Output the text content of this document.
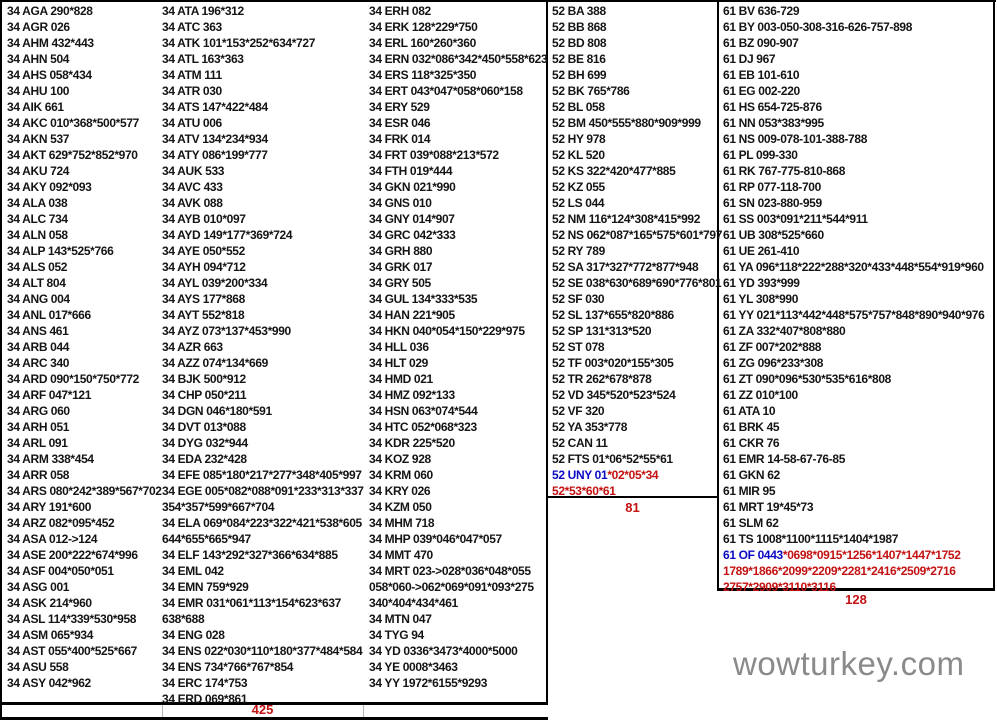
34 AGA 290*828
34 AGR 026
34 AHM 432*443
34 AHN 504
34 AHS 058*434
34 AHU 100
34 AIK 661
34 AKC 010*368*500*577
34 AKN 537
34 AKT 629*752*852*970
34 AKU 724
34 AKY 092*093
34 ALA 038
34 ALC 734
34 ALN 058
34 ALP 143*525*766
34 ALS 052
34 ALT 804
34 ANG 004
34 ANL 017*666
34 ANS 461
34 ARB 044
34 ARC 340
34 ARD 090*150*750*772
34 ARF 047*121
34 ARG 060
34 ARH 051
34 ARL 091
34 ARM 338*454
34 ARR 058
34 ARS 080*242*389*567*702
34 ARY 191*600
34 ARZ 082*095*452
34 ASA 012->124
34 ASE 200*222*674*996
34 ASF 004*050*051
34 ASG 001
34 ASK 214*960
34 ASL 114*339*530*958
34 ASM 065*934
34 AST 055*400*525*667
34 ASU 558
34 ASY 042*962
34 ATA 196*312
34 ATC 363
34 ATK 101*153*252*634*727
34 ATL 163*363
34 ATM 111
34 ATR 030
34 ATS 147*422*484
34 ATU 006
34 ATV 134*234*934
34 ATY 086*199*777
34 AUK 533
34 AVC 433
34 AVK 088
34 AYB 010*097
34 AYD 149*177*369*724
34 AYE 050*552
34 AYH 094*712
34 AYL 039*200*334
34 AYS 177*868
34 AYT 552*818
34 AYZ 073*137*453*990
34 AZR 663
34 AZZ 074*134*669
34 BJK 500*912
34 CHP 050*211
34 DGN 046*180*591
34 DVT 013*088
34 DYG 032*944
34 EDA 232*428
34 EFE 085*180*217*277*348*405*997
34 EGE 005*082*088*091*233*313*337
354*357*599*667*704
34 ELA 069*084*223*322*421*538*605
644*655*665*947
34 ELF 143*292*327*366*634*885
34 EML 042
34 EMN 759*929
34 EMR 031*061*113*154*623*637
638*688
34 ENG 028
34 ENS 022*030*110*180*377*484*584
34 ENS 734*766*767*854
34 ERC 174*753
34 ERD 069*861
34 ERH 082
34 ERK 128*229*750
34 ERL 160*260*360
34 ERN 032*086*342*450*558*623
34 ERS 118*325*350
34 ERT 043*047*058*060*158
34 ERY 529
34 ESR 046
34 FRK 014
34 FRT 039*088*213*572
34 FTH 019*444
34 GKN 021*990
34 GNS 010
34 GNY 014*907
34 GRC 042*333
34 GRH 880
34 GRK 017
34 GRY 505
34 GUL 134*333*535
34 HAN 221*905
34 HKN 040*054*150*229*975
34 HLL 036
34 HLT 029
34 HMD 021
34 HMZ 092*133
34 HSN 063*074*544
34 HTC 052*068*323
34 KDR 225*520
34 KOZ 928
34 KRM 060
34 KRY 026
34 KZM 050
34 MHM 718
34 MHP 039*046*047*057
34 MMT 470
34 MRT 023->028*036*048*055
058*060->062*069*091*093*275
340*404*434*461
34 MTN 047
34 TYG 94
34 YD 0336*3473*4000*5000
34 YE 0008*3463
34 YY 1972*6155*9293
52 BA 388
52 BB 868
52 BD 808
52 BE 816
52 BH 699
52 BK 765*786
52 BL 058
52 BM 450*555*880*909*999
52 HY 978
52 KL 520
52 KS 322*420*477*885
52 KZ 055
52 LS 044
52 NM 116*124*308*415*992
52 NS 062*087*165*575*601*797
52 RY 789
52 SA 317*327*772*877*948
52 SE 038*630*689*690*776*801
52 SF 030
52 SL 137*655*820*886
52 SP 131*313*520
52 ST 078
52 TF 003*020*155*305
52 TR 262*678*878
52 VD 345*520*523*524
52 VF 320
52 YA 353*778
52 CAN 11
52 FTS 01*06*52*55*61
52 UNY 01*02*05*34
52*53*60*61
61 BV 636-729
61 BY 003-050-308-316-626-757-898
61 BZ 090-907
61 DJ 967
61 EB 101-610
61 EG 002-220
61 HS 654-725-876
61 NN 053*383*995
61 NS 009-078-101-388-788
61 PL 099-330
61 RK 767-775-810-868
61 RP 077-118-700
61 SN 023-880-959
61 SS 003*091*211*544*911
61 UB 308*525*660
61 UE 261-410
61 YA 096*118*222*288*320*433*448*554*919*960
61 YD 393*999
61 YL 308*990
61 YY 021*113*442*448*575*757*848*890*940*976
61 ZA 332*407*808*880
61 ZF 007*202*888
61 ZG 096*233*308
61 ZT 090*096*530*535*616*808
61 ZZ 010*100
61 ATA 10
61 BRK 45
61 CKR 76
61 EMR 14-58-67-76-85
61 GKN 62
61 MIR 95
61 MRT 19*45*73
61 SLM 62
61 TS 1008*1100*1115*1404*1987
61 OF 0443*0698*0915*1256*1407*1447*1752
1789*1866*2099*2209*2281*2416*2509*2716
2757*2909*3110*3116
425
81
128
wowturkey.com
